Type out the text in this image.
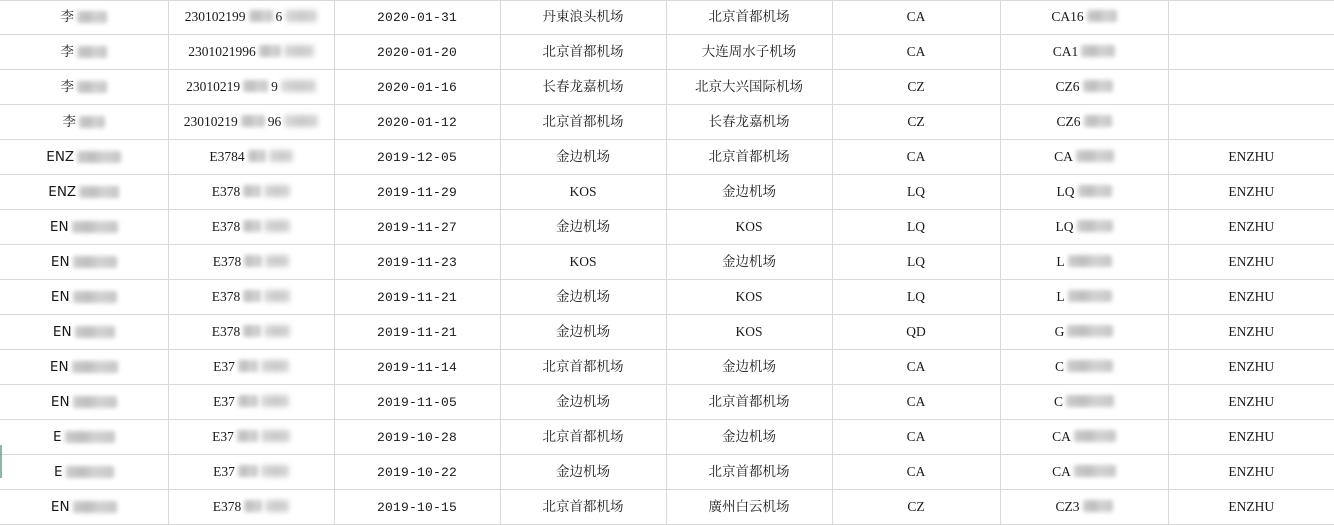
李	230102199 6	2020-01-31	丹東浪头机场	北京首都机场	CA	CA16	

李	2301021996	2020-01-20	北京首都机场	大连周水子机场	CA	CA1	

李	23010219 9	2020-01-16	长春龙嘉机场	北京大兴国际机场	CZ	CZ6	

李	23010219 96	2020-01-12	北京首都机场	长春龙嘉机场	CZ	CZ6	

ENZ	E3784	2019-12-05	金边机场	北京首都机场	CA	CA	ENZHU

ENZ	E378	2019-11-29	KOS	金边机场	LQ	LQ	ENZHU

EN	E378	2019-11-27	金边机场	KOS	LQ	LQ	ENZHU

EN	E378	2019-11-23	KOS	金边机场	LQ	L	ENZHU

EN	E378	2019-11-21	金边机场	KOS	LQ	L	ENZHU

EN	E378	2019-11-21	金边机场	KOS	QD	G	ENZHU

EN	E37	2019-11-14	北京首都机场	金边机场	CA	C	ENZHU

EN	E37	2019-11-05	金边机场	北京首都机场	CA	C	ENZHU

E	E37	2019-10-28	北京首都机场	金边机场	CA	CA	ENZHU

E	E37	2019-10-22	金边机场	北京首都机场	CA	CA	ENZHU

EN	E378	2019-10-15	北京首都机场	廣州白云机场	CZ	CZ3	ENZHU
